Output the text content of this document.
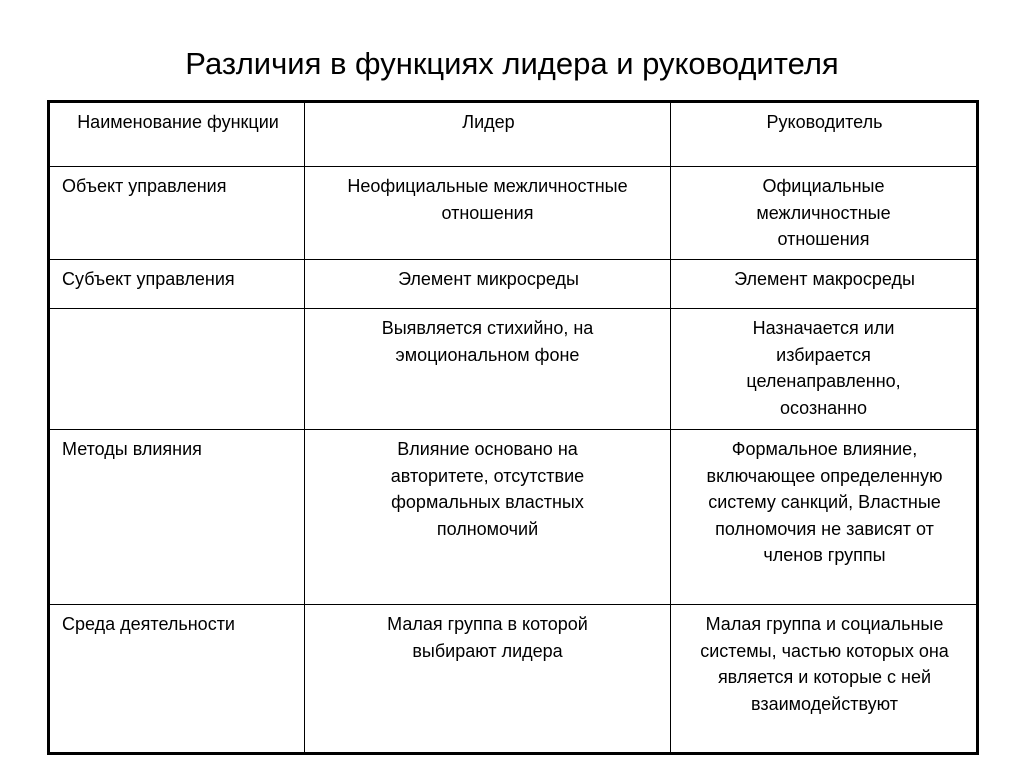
Различия в функциях лидера и руководителя
Наименование функции	Лидер	Руководитель
Объект управления	Неофициальные межличностные отношения	Официальные межличностные отношения
Субъект управления	Элемент микросреды	Элемент макросреды
	Выявляется стихийно, на эмоциональном фоне	Назначается или избирается целенаправленно, осознанно
Методы влияния	Влияние основано на авторитете, отсутствие формальных властных полномочий	Формальное влияние, включающее определенную систему санкций, Властные полномочия не зависят от членов группы
Среда деятельности	Малая группа в которой выбирают лидера	Малая группа и социальные системы, частью которых она является и которые с ней взаимодействуют
